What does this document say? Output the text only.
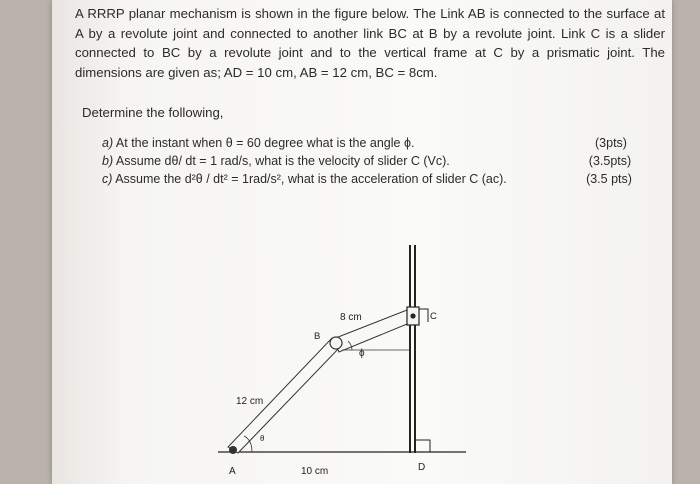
A RRRP planar mechanism is shown in the figure below. The Link AB is connected to the surface at A by a revolute joint and connected to another link BC at B by a revolute joint. Link C is a slider connected to BC by a revolute joint and to the vertical frame at C by a prismatic joint. The dimensions are given as; AD = 10 cm, AB = 12 cm, BC = 8cm.

Determine the following,
a) At the instant when θ = 60 degree what is the angle ϕ.
b) Assume dθ/ dt = 1 rad/s, what is the velocity of slider C (Vc).
c) Assume the d²θ / dt² = 1rad/s², what is the acceleration of slider C (ac).
(3pts)
(3.5pts)
(3.5 pts)
A
B
C
D
8 cm
12 cm
10 cm
θ
ϕ
